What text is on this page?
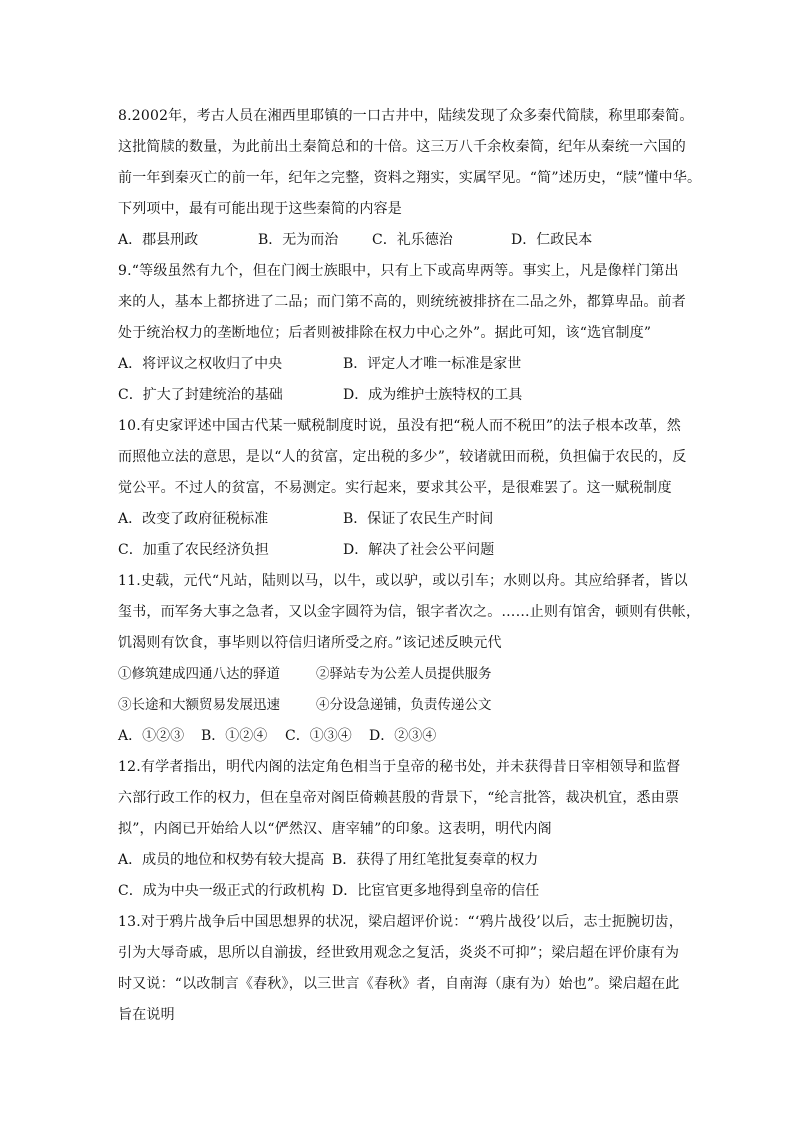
8.2002年，考古人员在湘西里耶镇的一口古井中，陆续发现了众多秦代简牍，称里耶秦简。
这批简牍的数量，为此前出土秦简总和的十倍。这三万八千余枚秦简，纪年从秦统一六国的
前一年到秦灭亡的前一年，纪年之完整，资料之翔实，实属罕见。“简”述历史，“牍”懂中华。
下列项中，最有可能出现于这些秦简的内容是
A．郡县刑政	B．无为而治 C．礼乐德治	D．仁政民本
9.“等级虽然有九个，但在门阀士族眼中，只有上下或高卑两等。事实上，凡是像样门第出
来的人，基本上都挤进了二品；而门第不高的，则统统被排挤在二品之外，都算卑品。前者
处于统治权力的垄断地位；后者则被排除在权力中心之外”。据此可知，该“选官制度”
A．将评议之权收归了中央	B．评定人才唯一标准是家世
C．扩大了封建统治的基础	D．成为维护士族特权的工具
10.有史家评述中国古代某一赋税制度时说，虽没有把“税人而不税田”的法子根本改革，然
而照他立法的意思，是以“人的贫富，定出税的多少”，较诸就田而税，负担偏于农民的，反
觉公平。不过人的贫富，不易测定。实行起来，要求其公平，是很难罢了。这一赋税制度
A．改变了政府征税标准	B．保证了农民生产时间
C．加重了农民经济负担	D．解决了社会公平问题
11.史载，元代“凡站，陆则以马，以牛，或以驴，或以引车；水则以舟。其应给驿者，皆以
玺书，而军务大事之急者，又以金字圆符为信，银字者次之。……止则有馆舍，顿则有供帐，
饥渴则有饮食，事毕则以符信归诸所受之府。”该记述反映元代
①修筑建成四通八达的驿道	②驿站专为公差人员提供服务
③长途和大额贸易发展迅速	④分设急递铺，负责传递公文
A．①②③ B．①②④ C．①③④ D．②③④
12.有学者指出，明代内阁的法定角色相当于皇帝的秘书处，并未获得昔日宰相领导和监督
六部行政工作的权力，但在皇帝对阁臣倚赖甚殷的背景下，“纶言批答，裁决机宜，悉由票
拟”，内阁已开始给人以“俨然汉、唐宰辅”的印象。这表明，明代内阁
A．成员的地位和权势有较大提高 B．获得了用红笔批复奏章的权力
C．成为中央一级正式的行政机构 D．比宦官更多地得到皇帝的信任
13.对于鸦片战争后中国思想界的状况，梁启超评价说：“‘鸦片战役’以后，志士扼腕切齿，
引为大辱奇戚，思所以自湔拔，经世致用观念之复活，炎炎不可抑”；梁启超在评价康有为
时又说：“以改制言《春秋》，以三世言《春秋》者，自南海（康有为）始也”。梁启超在此
旨在说明
